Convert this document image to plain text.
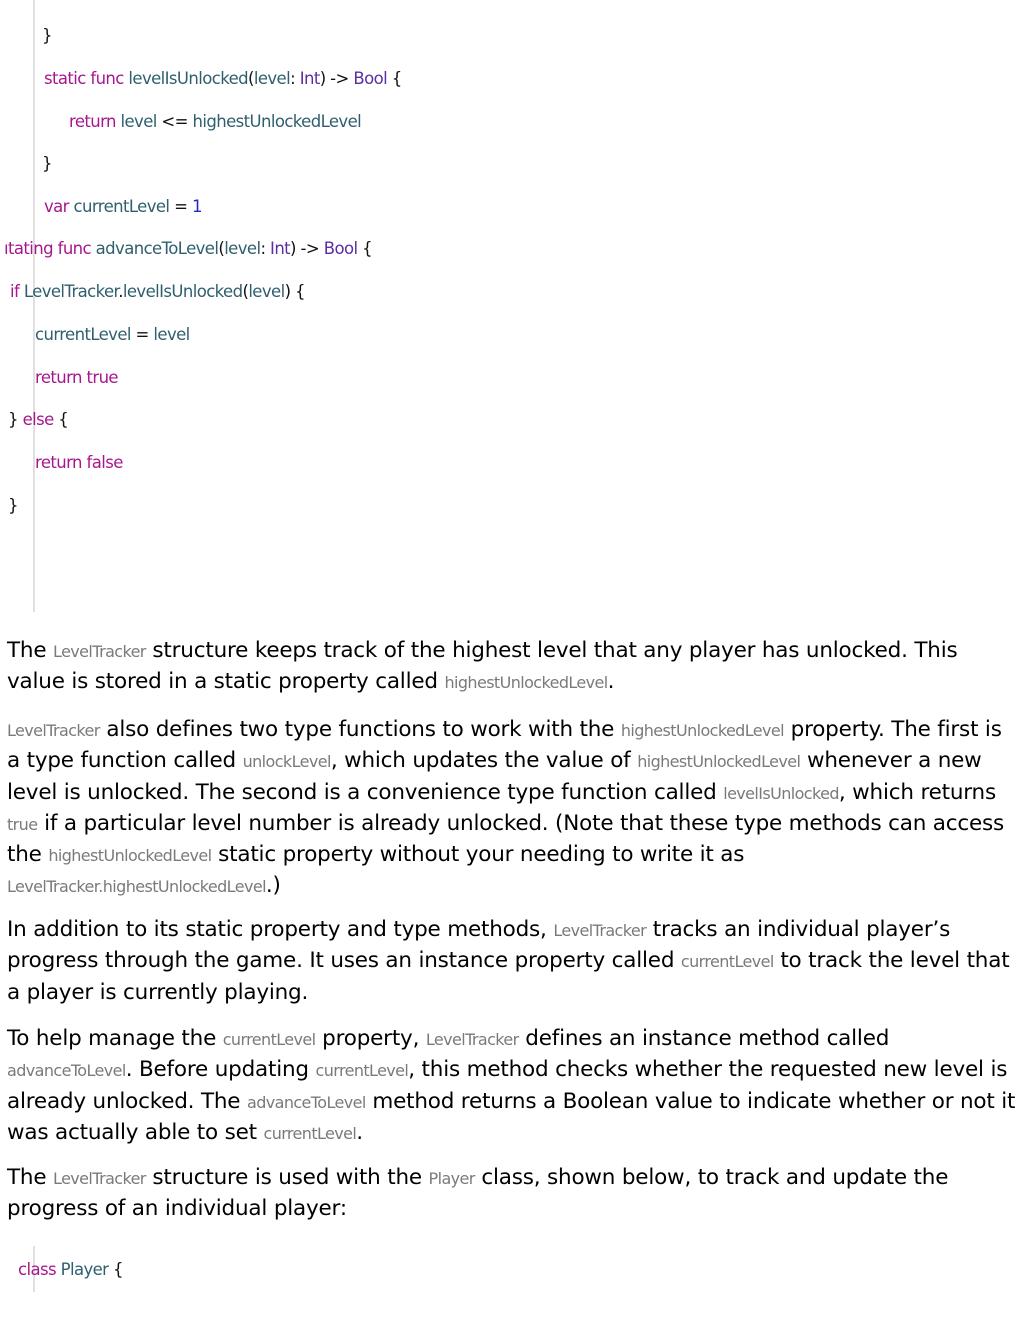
}
static func levelIsUnlocked(level: Int) -> Bool {
return level <= highestUnlockedLevel
}
var currentLevel = 1
ıtating func advanceToLevel(level: Int) -> Bool {
if LevelTracker.levelIsUnlocked(level) {
currentLevel = level
return true
} else {
return false
}

The LevelTracker structure keeps track of the highest level that any player has unlocked. This value is stored in a static property called highestUnlockedLevel.

LevelTracker also defines two type functions to work with the highestUnlockedLevel property. The first is a type function called unlockLevel, which updates the value of highestUnlockedLevel whenever a new level is unlocked. The second is a convenience type function called levelIsUnlocked, which returns true if a particular level number is already unlocked. (Note that these type methods can access the highestUnlockedLevel static property without your needing to write it as LevelTracker.highestUnlockedLevel.)

In addition to its static property and type methods, LevelTracker tracks an individual player’s progress through the game. It uses an instance property called currentLevel to track the level that a player is currently playing.

To help manage the currentLevel property, LevelTracker defines an instance method called advanceToLevel. Before updating currentLevel, this method checks whether the requested new level is already unlocked. The advanceToLevel method returns a Boolean value to indicate whether or not it was actually able to set currentLevel.

The LevelTracker structure is used with the Player class, shown below, to track and update the progress of an individual player:

class Player {
